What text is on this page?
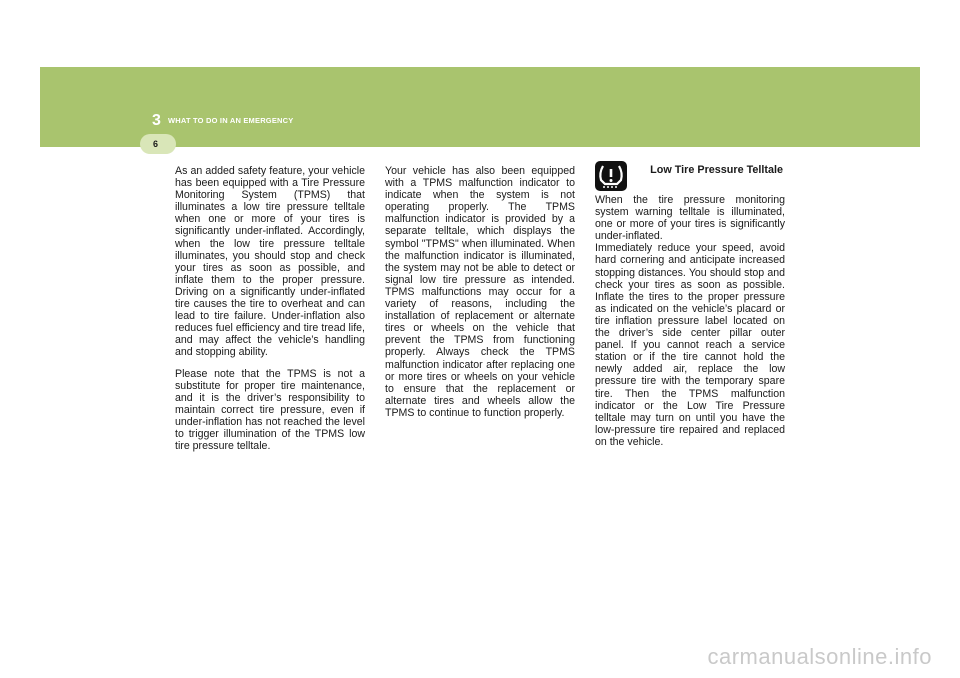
3 WHAT TO DO IN AN EMERGENCY
6

As an added safety feature, your vehicle has been equipped with a Tire Pressure Monitoring System (TPMS) that illuminates a low tire pressure telltale when one or more of your tires is significantly under-inflated. Accordingly, when the low tire pressure telltale illuminates, you should stop and check your tires as soon as possible, and inflate them to the proper pressure. Driving on a significantly under-inflated tire causes the tire to overheat and can lead to tire failure. Under-inflation also reduces fuel efficiency and tire tread life, and may affect the vehicle’s handling and stopping ability.

Please note that the TPMS is not a substitute for proper tire maintenance, and it is the driver’s responsibility to maintain correct tire pressure, even if under-inflation has not reached the level to trigger illumination of the TPMS low tire pressure telltale.

Your vehicle has also been equipped with a TPMS malfunction indicator to indicate when the system is not operating properly. The TPMS malfunction indicator is provided by a separate telltale, which displays the symbol "TPMS" when illuminated. When the malfunction indicator is illuminated, the system may not be able to detect or signal low tire pressure as intended. TPMS malfunctions may occur for a variety of reasons, including the installation of replacement or alternate tires or wheels on the vehicle that prevent the TPMS from functioning properly. Always check the TPMS malfunction indicator after replacing one or more tires or wheels on your vehicle to ensure that the replacement or alternate tires and wheels allow the TPMS to continue to function properly.

Low Tire Pressure Telltale

When the tire pressure monitoring system warning telltale is illuminated, one or more of your tires is significantly under-inflated.

Immediately reduce your speed, avoid hard cornering and anticipate increased stopping distances. You should stop and check your tires as soon as possible. Inflate the tires to the proper pressure as indicated on the vehicle’s placard or tire inflation pressure label located on the driver’s side center pillar outer panel. If you cannot reach a service station or if the tire cannot hold the newly added air, replace the low pressure tire with the temporary spare tire. Then the TPMS malfunction indicator or the Low Tire Pressure telltale may turn on until you have the low-pressure tire repaired and replaced on the vehicle.

carmanualsonline.info
